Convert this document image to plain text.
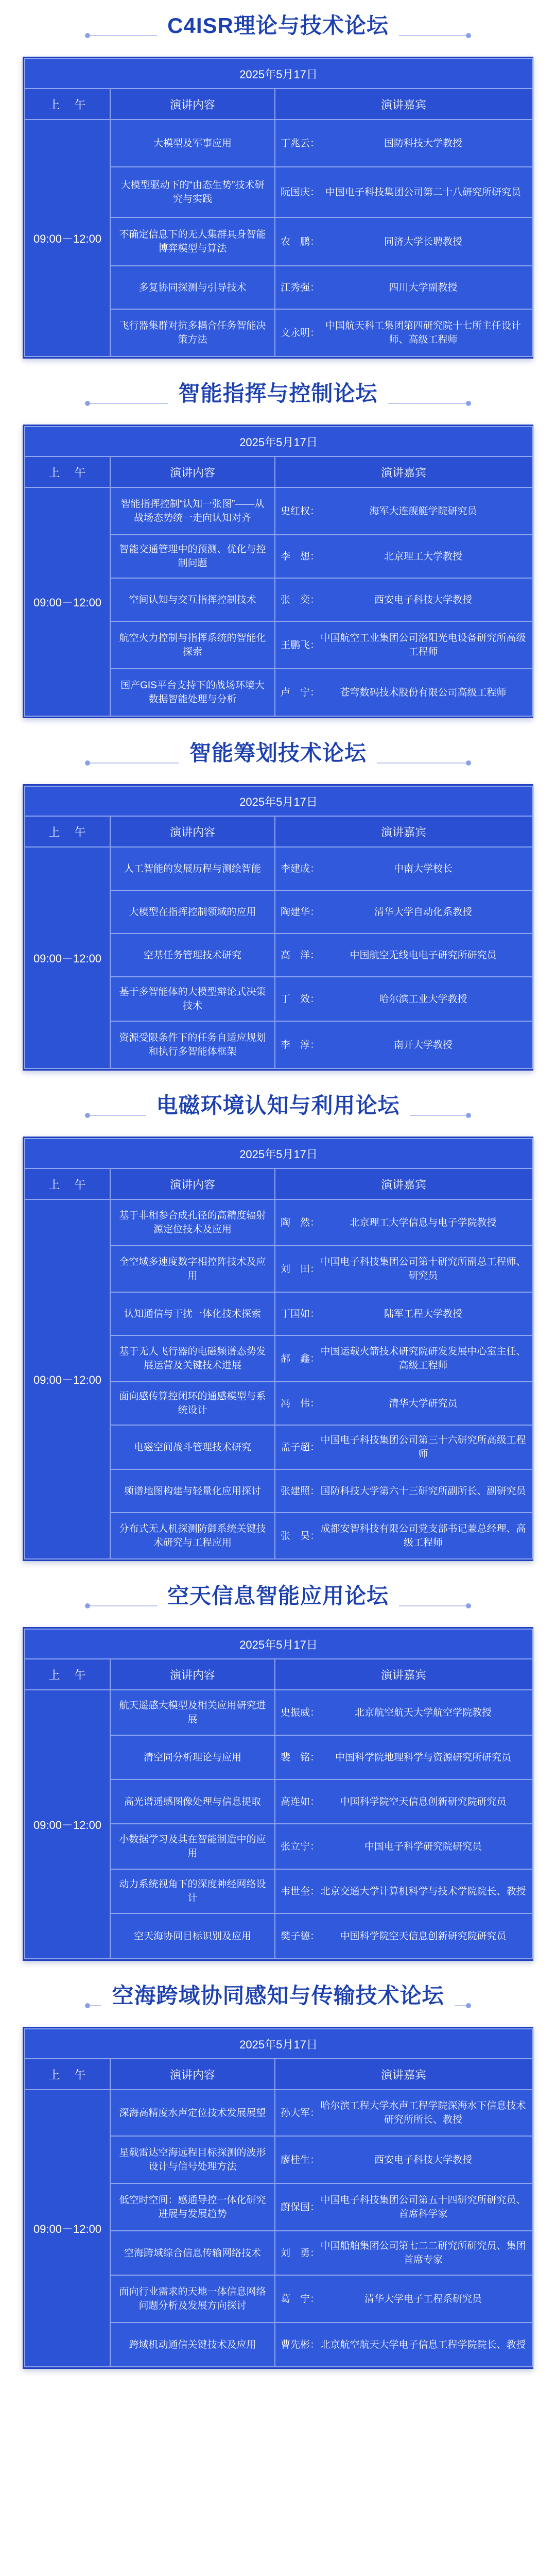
C4ISR理论与技术论坛
2025年5月17日		
上午	演讲内容	演讲嘉宾
09:00－12:00	大模型及军事应用	丁兆云： 国防科技大学教授

	大模型驱动下的“由态生势”技术研究与实践	阮国庆： 中国电子科技集团公司第二十八研究所研究员

	不确定信息下的无人集群具身智能博弈模型与算法	农　鹏： 同济大学长聘教授

	多复协同探测与引导技术	江秀强： 四川大学副教授

	飞行器集群对抗多耦合任务智能决策方法	文永明：
中国航天科工集团第四研究院十七所主任设计师、高级工程师
智能指挥与控制论坛
2025年5月17日		
上午	演讲内容	演讲嘉宾
09:00－12:00	智能指挥控制“认知一张图”——从战场态势统一走向认知对齐	史红权： 海军大连舰艇学院研究员

	智能交通管理中的预测、优化与控制问题	李　想： 北京理工大学教授

	空间认知与交互指挥控制技术	张　奕： 西安电子科技大学教授

	航空火力控制与指挥系统的智能化探索	王鹏飞：
中国航空工业集团公司洛阳光电设备研究所高级工程师

	国产GIS平台支持下的战场环境大数据智能处理与分析	卢　宁： 苍穹数码技术股份有限公司高级工程师
智能筹划技术论坛
2025年5月17日		
上午	演讲内容	演讲嘉宾
09:00－12:00	人工智能的发展历程与测绘智能	李建成： 中南大学校长

	大模型在指挥控制领域的应用	陶建华： 清华大学自动化系教授

	空基任务管理技术研究	高　洋： 中国航空无线电电子研究所研究员

	基于多智能体的大模型辩论式决策技术	丁　效： 哈尔滨工业大学教授

	资源受限条件下的任务自适应规划和执行多智能体框架	李　淳： 南开大学教授
电磁环境认知与利用论坛
2025年5月17日		
上午	演讲内容	演讲嘉宾
09:00－12:00	基于非相参合成孔径的高精度辐射源定位技术及应用	陶　然： 北京理工大学信息与电子学院教授

	全空域多速度数字相控阵技术及应用	刘　田：
中国电子科技集团公司第十研究所副总工程师、研究员

	认知通信与干扰一体化技术探索	丁国如： 陆军工程大学教授

	基于无人飞行器的电磁频谱态势发展运营及关键技术进展	郝　鑫：
中国运载火箭技术研究院研发发展中心室主任、高级工程师

	面向感传算控闭环的通感模型与系统设计	冯　伟： 清华大学研究员

	电磁空间战斗管理技术研究	孟子超：
中国电子科技集团公司第三十六研究所高级工程师

	频谱地图构建与轻量化应用探讨	张建照： 国防科技大学第六十三研究所副所长、副研究员

	分布式无人机探测防御系统关键技术研究与工程应用	张　昊：
成都安智科技有限公司党支部书记兼总经理、高级工程师
空天信息智能应用论坛
2025年5月17日		
上午	演讲内容	演讲嘉宾
09:00－12:00	航天遥感大模型及相关应用研究进展	史振威： 北京航空航天大学航空学院教授

	清空同分析理论与应用	裴　铭： 中国科学院地理科学与资源研究所研究员

	高光谱遥感图像处理与信息提取	高连如： 中国科学院空天信息创新研究院研究员

	小数据学习及其在智能制造中的应用	张立宁： 中国电子科学研究院研究员

	动力系统视角下的深度神经网络设计	韦世奎： 北京交通大学计算机科学与技术学院院长、教授

	空天海协同目标识别及应用	樊子德： 中国科学院空天信息创新研究院研究员
空海跨域协同感知与传输技术论坛
2025年5月17日		
上午	演讲内容	演讲嘉宾
09:00－12:00	深海高精度水声定位技术发展展望	孙大军：
哈尔滨工程大学水声工程学院深海水下信息技术研究所所长、教授

	星载雷达空海远程目标探测的波形设计与信号处理方法	廖桂生： 西安电子科技大学教授

	低空时空间：感通导控一体化研究进展与发展趋势	蔚保国：
中国电子科技集团公司第五十四研究所研究员、首席科学家

	空海跨域综合信息传输网络技术	刘　勇：
中国船舶集团公司第七二二研究所研究员、集团首席专家

	面向行业需求的天地一体信息网络问题分析及发展方向探讨	葛　宁： 清华大学电子工程系研究员

	跨域机动通信关键技术及应用	曹先彬： 北京航空航天大学电子信息工程学院院长、教授
